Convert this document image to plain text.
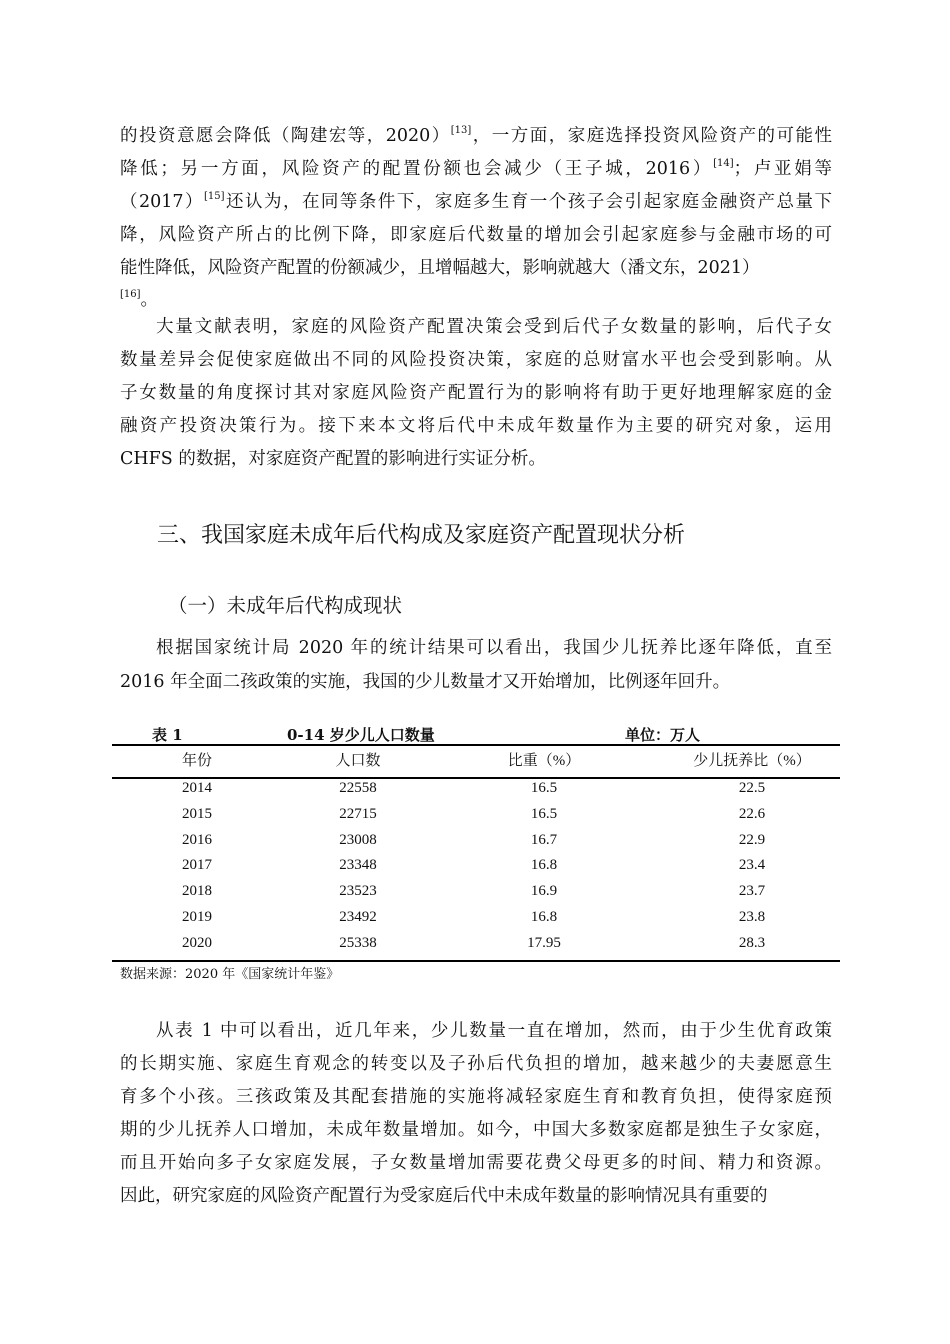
的投资意愿会降低（陶建宏等，2020）[13]，一方面，家庭选择投资风险资产的可能性
降低；另一方面，风险资产的配置份额也会减少（王子城，2016）[14]；卢亚娟等
（2017）[15]还认为，在同等条件下，家庭多生育一个孩子会引起家庭金融资产总量下
降，风险资产所占的比例下降，即家庭后代数量的增加会引起家庭参与金融市场的可
能性降低，风险资产配置的份额减少，且增幅越大，影响就越大（潘文东，2021）
[16]。
大量文献表明，家庭的风险资产配置决策会受到后代子女数量的影响，后代子女
数量差异会促使家庭做出不同的风险投资决策，家庭的总财富水平也会受到影响。从
子女数量的角度探讨其对家庭风险资产配置行为的影响将有助于更好地理解家庭的金
融资产投资决策行为。接下来本文将后代中未成年数量作为主要的研究对象，运用
CHFS 的数据，对家庭资产配置的影响进行实证分析。
三、我国家庭未成年后代构成及家庭资产配置现状分析
（一）未成年后代构成现状
根据国家统计局 2020 年的统计结果可以看出，我国少儿抚养比逐年降低，直至
2016 年全面二孩政策的实施，我国的少儿数量才又开始增加，比例逐年回升。
表 1	0-14 岁少儿人口数量	单位：万人
年份	人口数	比重（%）	少儿抚养比（%）
2014	22558	16.5	22.5
2015	22715	16.5	22.6
2016	23008	16.7	22.9
2017	23348	16.8	23.4
2018	23523	16.9	23.7
2019	23492	16.8	23.8
2020	25338	17.95	28.3
数据来源：2020 年《国家统计年鉴》
从表 1 中可以看出，近几年来，少儿数量一直在增加，然而，由于少生优育政策
的长期实施、家庭生育观念的转变以及子孙后代负担的增加，越来越少的夫妻愿意生
育多个小孩。三孩政策及其配套措施的实施将减轻家庭生育和教育负担，使得家庭预
期的少儿抚养人口增加，未成年数量增加。如今，中国大多数家庭都是独生子女家庭，
而且开始向多子女家庭发展，子女数量增加需要花费父母更多的时间、精力和资源。
因此，研究家庭的风险资产配置行为受家庭后代中未成年数量的影响情况具有重要的
